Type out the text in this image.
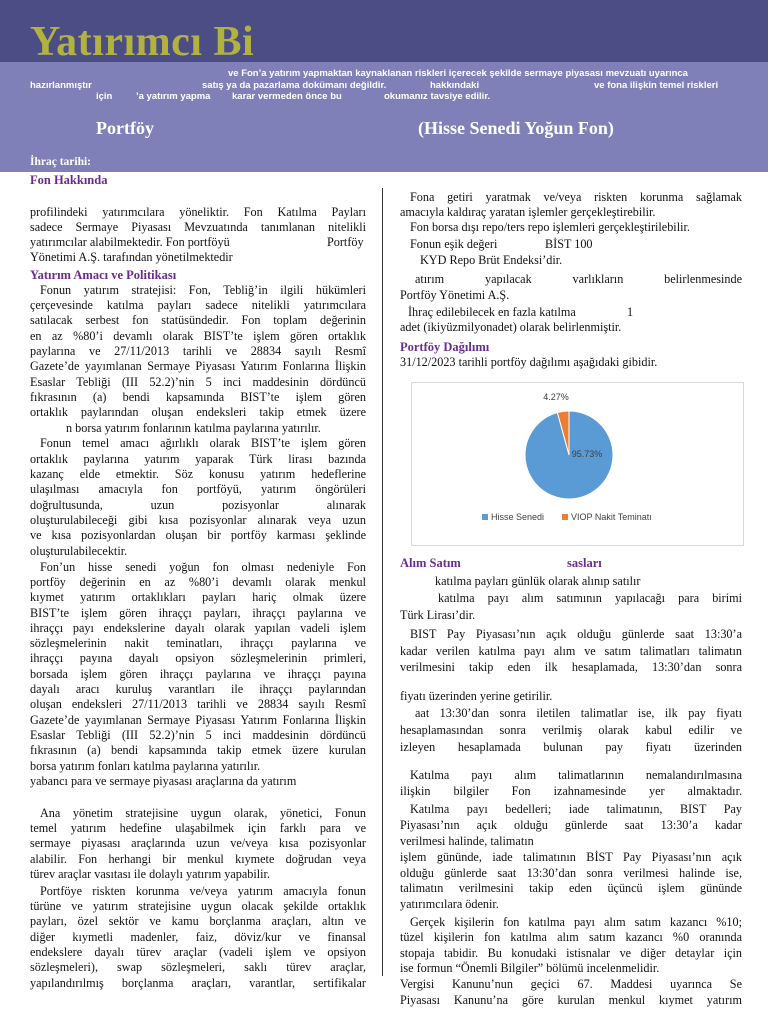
Yatırımcı Bi
ve Fon’a yatırım yapmaktan kaynaklanan riskleri içerecek şekilde sermaye piyasası mevzuatı uyarınca
hazırlanmıştır	satış ya da pazarlama dokümanı değildir.	hakkındaki	ve fona ilişkin temel riskleri
için ’a yatırım yapma karar vermeden önce bu	okumanız tavsiye edilir.
Portföy	(Hisse Senedi Yoğun Fon)
İhraç tarihi:
Fon Hakkında
profilindeki yatırımcılara yöneliktir. Fon Katılma Payları
sadece Sermaye Piyasası Mevzuatında tanımlanan nitelikli
yatırımcılar alabilmektedir. Fon portföyü	Portföy
Yönetimi A.Ş. tarafından yönetilmektedir
Yatırım Amacı ve Politikası
Fonun yatırım stratejisi: Fon, Tebliğ’in ilgili hükümleri
çerçevesinde katılma payları sadece nitelikli yatırımcılara
satılacak serbest fon statüsündedir. Fon toplam değerinin
en az %80’i devamlı olarak BIST’te işlem gören ortaklık
paylarına ve 27/11/2013 tarihli ve 28834 sayılı Resmî
Gazete’de yayımlanan Sermaye Piyasası Yatırım Fonlarına İlişkin
Esaslar Tebliği (III 52.2)’nin 5 inci maddesinin dördüncü
fıkrasının (a) bendi kapsamında BIST’te işlem gören
ortaklık paylarından oluşan endeksleri takip etmek üzere
n borsa yatırım fonlarının katılma paylarına yatırılır.
Fonun temel amacı ağırlıklı olarak BIST’te işlem gören
ortaklık paylarına yatırım yaparak Türk lirası bazında
kazanç elde etmektir. Söz konusu yatırım hedeflerine
ulaşılması amacıyla fon portföyü, yatırım öngörüleri
doğrultusunda, uzun pozisyonlar alınarak
oluşturulabileceği gibi kısa pozisyonlar alınarak veya uzun
ve kısa pozisyonlardan oluşan bir portföy karması şeklinde
oluşturulabilecektir.
Fon’un hisse senedi yoğun fon olması nedeniyle Fon
portföy değerinin en az %80’i devamlı olarak menkul
kıymet yatırım ortaklıkları payları hariç olmak üzere
BIST’te işlem gören ihraççı payları, ihraççı paylarına ve
ihraççı payı endekslerine dayalı olarak yapılan vadeli işlem
sözleşmelerinin nakit teminatları, ihraççı paylarına ve
ihraççı payına dayalı opsiyon sözleşmelerinin primleri,
borsada işlem gören ihraççı paylarına ve ihraççı payına
dayalı aracı kuruluş varantları ile ihraççı paylarından
oluşan endeksleri 27/11/2013 tarihli ve 28834 sayılı Resmî
Gazete’de yayımlanan Sermaye Piyasası Yatırım Fonlarına İlişkin
Esaslar Tebliği (III 52.2)’nin 5 inci maddesinin dördüncü
fıkrasının (a) bendi kapsamında takip etmek üzere kurulan
borsa yatırım fonları katılma paylarına yatırılır.
yabancı para ve sermaye piyasası araçlarına da yatırım
Ana yönetim stratejisine uygun olarak, yönetici, Fonun
temel yatırım hedefine ulaşabilmek için farklı para ve
sermaye piyasası araçlarında uzun ve/veya kısa pozisyonlar
alabilir. Fon herhangi bir menkul kıymete doğrudan veya
türev araçlar vasıtası ile dolaylı yatırım yapabilir.
Portföye riskten korunma ve/veya yatırım amacıyla fonun
türüne ve yatırım stratejisine uygun olacak şekilde ortaklık
payları, özel sektör ve kamu borçlanma araçları, altın ve
diğer kıymetli madenler, faiz, döviz/kur ve finansal
endekslere dayalı türev araçlar (vadeli işlem ve opsiyon
sözleşmeleri), swap sözleşmeleri, saklı türev araçlar,
yapılandırılmış borçlanma araçları, varantlar, sertifikalar
Fona getiri yaratmak ve/veya riskten korunma sağlamak
amacıyla kaldıraç yaratan işlemler gerçekleştirebilir.
Fon borsa dışı repo/ters repo işlemleri gerçekleştirilebilir.
Fonun eşik değeri	BİST 100
KYD Repo Brüt Endeksi’dir.
atırım yapılacak varlıkların belirlenmesinde
Portföy Yönetimi A.Ş.
İhraç edilebilecek en fazla katılma	1
adet (ikiyüzmilyonadet) olarak belirlenmiştir.
Portföy Dağılımı
31/12/2023 tarihli portföy dağılımı aşağıdaki gibidir.
95.73%
4.27%
Hisse Senedi	VIOP Nakit Teminatı
Alım Satım	sasları
katılma payları günlük olarak alınıp satılır
katılma payı alım satımının yapılacağı para birimi
Türk Lirası’dir.
BIST Pay Piyasası’nın açık olduğu günlerde saat 13:30’a
kadar verilen katılma payı alım ve satım talimatları talimatın
verilmesini takip eden ilk hesaplamada, 13:30’dan sonra
fiyatı üzerinden yerine getirilir.
aat 13:30’dan sonra iletilen talimatlar ise, ilk pay fiyatı
hesaplamasından sonra verilmiş olarak kabul edilir ve
izleyen hesaplamada bulunan pay fiyatı üzerinden
Katılma payı alım talimatlarının nemalandırılmasına
ilişkin bilgiler Fon izahnamesinde yer almaktadır.
Katılma payı bedelleri; iade talimatının, BIST Pay
Piyasası’nın açık olduğu günlerde saat 13:30’a kadar
verilmesi halinde, talimatın
işlem gününde, iade talimatının BİST Pay Piyasası’nın açık
olduğu günlerde saat 13:30’dan sonra verilmesi halinde ise,
talimatın verilmesini takip eden üçüncü işlem gününde
yatırımcılara ödenir.
Gerçek kişilerin fon katılma payı alım satım kazancı %10;
tüzel kişilerin fon katılma alım satım kazancı %0 oranında
stopaja tabidir. Bu konudaki istisnalar ve diğer detaylar için
ise formun “Önemli Bilgiler” bölümü incelenmelidir.
Vergisi Kanunu’nun geçici 67. Maddesi uyarınca Se
Piyasası Kanunu’na göre kurulan menkul kıymet yatırım
